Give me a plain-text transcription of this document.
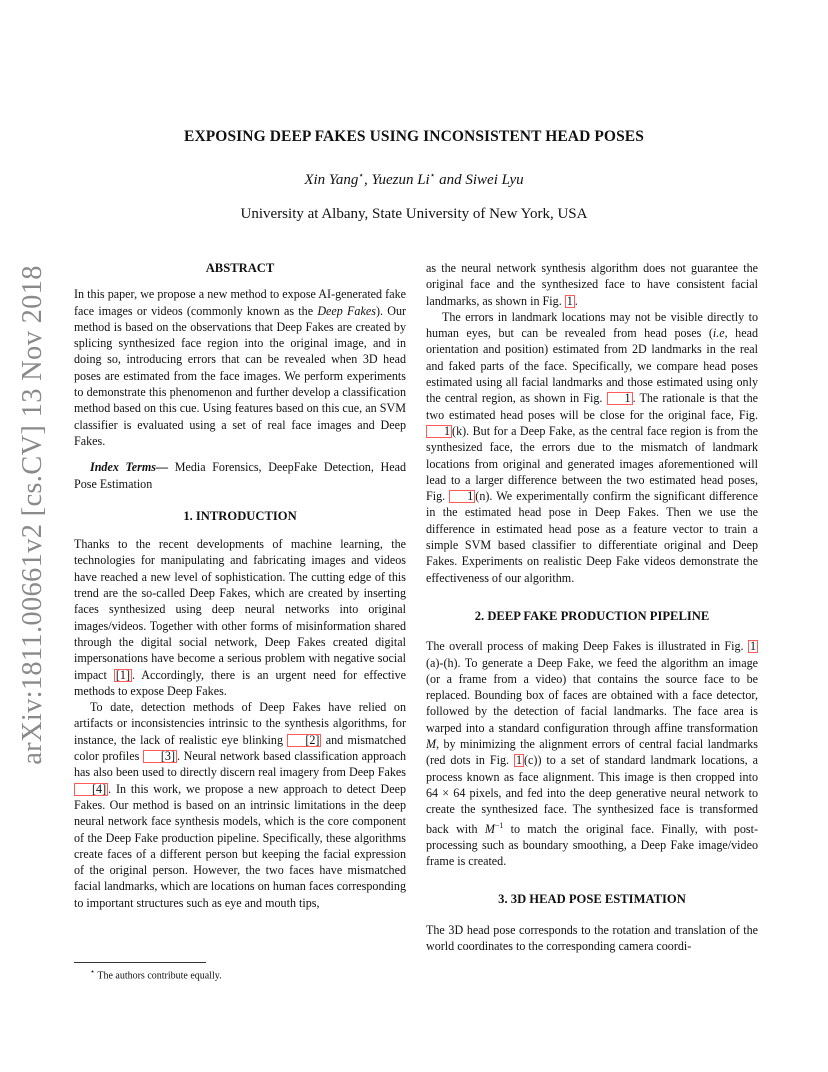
arXiv:1811.00661v2 [cs.CV] 13 Nov 2018
EXPOSING DEEP FAKES USING INCONSISTENT HEAD POSES
Xin Yang⋆, Yuezun Li⋆ and Siwei Lyu
University at Albany, State University of New York, USA
ABSTRACT

In this paper, we propose a new method to expose AI-generated fake face images or videos (commonly known as the Deep Fakes). Our method is based on the observations that Deep Fakes are created by splicing synthesized face region into the original image, and in doing so, introducing errors that can be revealed when 3D head poses are estimated from the face images. We perform experiments to demonstrate this phenomenon and further develop a classification method based on this cue. Using features based on this cue, an SVM classifier is evaluated using a set of real face images and Deep Fakes.

Index Terms— Media Forensics, DeepFake Detection, Head Pose Estimation

1. INTRODUCTION

Thanks to the recent developments of machine learning, the technologies for manipulating and fabricating images and videos have reached a new level of sophistication. The cutting edge of this trend are the so-called Deep Fakes, which are created by inserting faces synthesized using deep neural networks into original images/videos. Together with other forms of misinformation shared through the digital social network, Deep Fakes created digital impersonations have become a serious problem with negative social impact [1] . Accordingly, there is an urgent need for effective methods to expose Deep Fakes.

To date, detection methods of Deep Fakes have relied on artifacts or inconsistencies intrinsic to the synthesis algorithms, for instance, the lack of realistic eye blinking [2] and mismatched color profiles [3] . Neural network based classification approach has also been used to directly discern real imagery from Deep Fakes [4] . In this work, we propose a new approach to detect Deep Fakes. Our method is based on an intrinsic limitations in the deep neural network face synthesis models, which is the core component of the Deep Fake production pipeline. Specifically, these algorithms create faces of a different person but keeping the facial expression of the original person. However, the two faces have mismatched facial landmarks, which are locations on human faces corresponding to important structures such as eye and mouth tips,

as the neural network synthesis algorithm does not guarantee the original face and the synthesized face to have consistent facial landmarks, as shown in Fig. 1 .

The errors in landmark locations may not be visible directly to human eyes, but can be revealed from head poses (i.e, head orientation and position) estimated from 2D landmarks in the real and faked parts of the face. Specifically, we compare head poses estimated using all facial landmarks and those estimated using only the central region, as shown in Fig. 1 . The rationale is that the two estimated head poses will be close for the original face, Fig. 1 (k). But for a Deep Fake, as the central face region is from the synthesized face, the errors due to the mismatch of landmark locations from original and generated images aforementioned will lead to a larger difference between the two estimated head poses, Fig. 1 (n). We experimentally confirm the significant difference in the estimated head pose in Deep Fakes. Then we use the difference in estimated head pose as a feature vector to train a simple SVM based classifier to differentiate original and Deep Fakes. Experiments on realistic Deep Fake videos demonstrate the effectiveness of our algorithm.

2. DEEP FAKE PRODUCTION PIPELINE

The overall process of making Deep Fakes is illustrated in Fig. 1(a)-(h). To generate a Deep Fake, we feed the algorithm an image (or a frame from a video) that contains the source face to be replaced. Bounding box of faces are obtained with a face detector, followed by the detection of facial landmarks. The face area is warped into a standard configuration through affine transformation M, by minimizing the alignment errors of central facial landmarks (red dots in Fig. 1 (c)) to a set of standard landmark locations, a process known as face alignment. This image is then cropped into 64 × 64 pixels, and fed into the deep generative neural network to create the synthesized face. The synthesized face is transformed back with $M^{-1}$ to match the original face. Finally, with post-processing such as boundary smoothing, a Deep Fake image/video frame is created.

3. 3D HEAD POSE ESTIMATION

The 3D head pose corresponds to the rotation and translation of the world coordinates to the corresponding camera coordi-

⋆ The authors contribute equally.
